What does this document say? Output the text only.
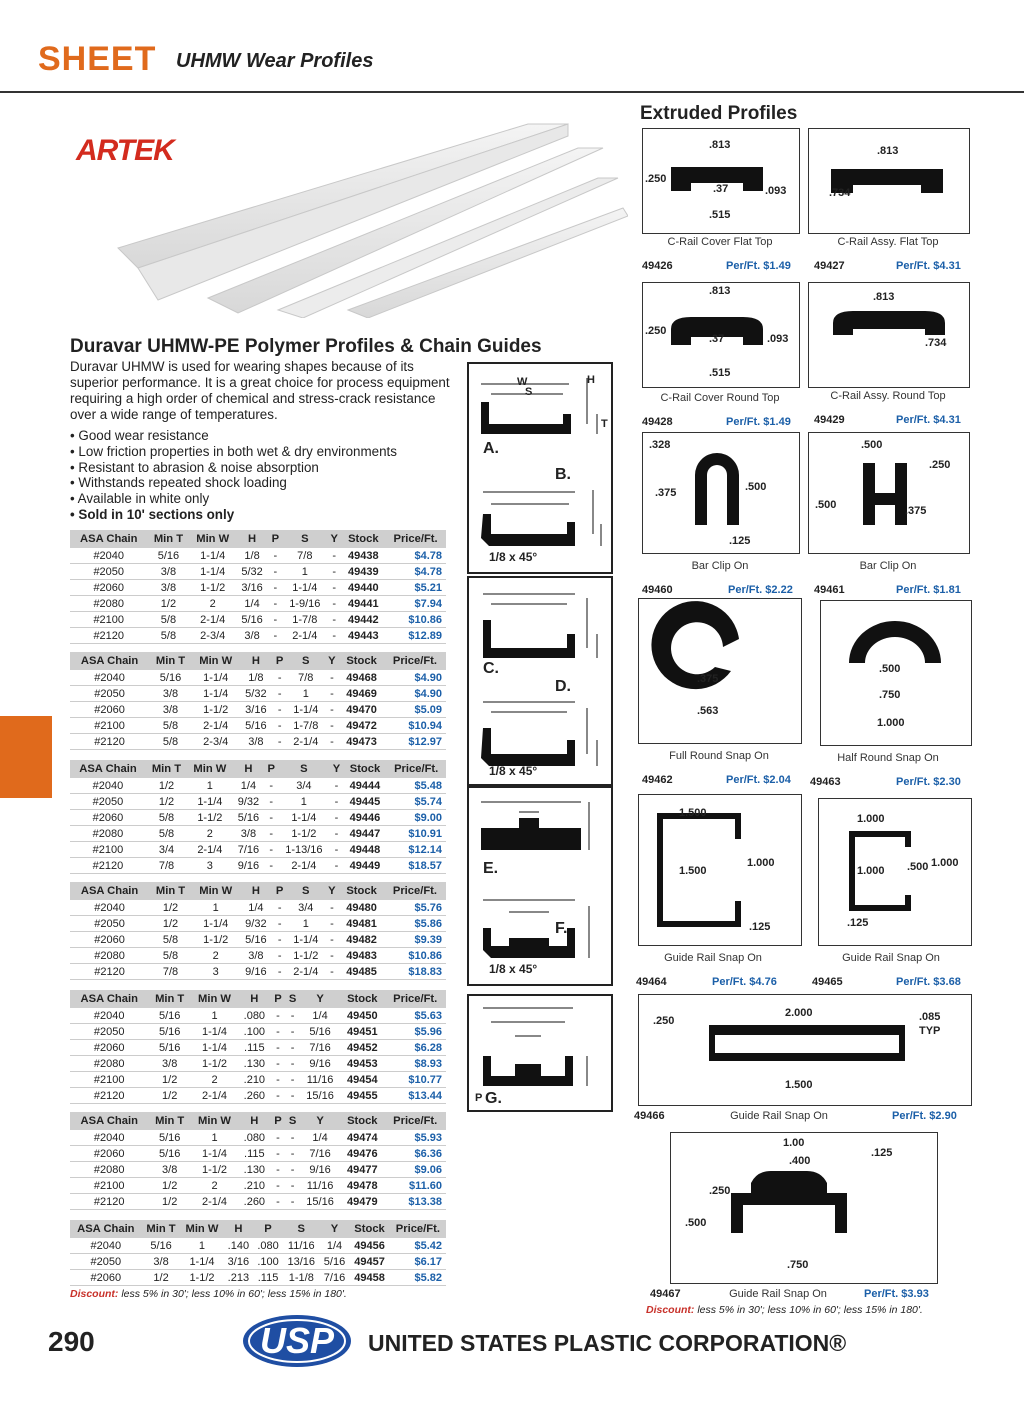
SHEET UHMW Wear Profiles
ARTEK
Duravar UHMW-PE Polymer Profiles & Chain Guides
Duravar UHMW is used for wearing shapes because of its superior performance. It is a great choice for process equipment requiring a high order of chemical and stress-crack resistance over a wide range of temperatures.
• Good wear resistance
• Low friction properties in both wet & dry environments
• Resistant to abrasion & noise absorption
• Withstands repeated shock loading
• Available in white only
• Sold in 10' sections only
ASA Chain	Min T	Min W	H	P	S	Y	Stock	Price/Ft.
#2040	5/16	1-1/4	1/8	-	7/8	-	49438	$4.78
#2050	3/8	1-1/4	5/32	-	1	-	49439	$4.78
#2060	3/8	1-1/2	3/16	-	1-1/4	-	49440	$5.21
#2080	1/2	2	1/4	-	1-9/16	-	49441	$7.94
#2100	5/8	2-1/4	5/16	-	1-7/8	-	49442	$10.86
#2120	5/8	2-3/4	3/8	-	2-1/4	-	49443	$12.89
ASA Chain	Min T	Min W	H	P	S	Y	Stock	Price/Ft.
#2040	5/16	1-1/4	1/8	-	7/8	-	49468	$4.90
#2050	3/8	1-1/4	5/32	-	1	-	49469	$4.90
#2060	3/8	1-1/2	3/16	-	1-1/4	-	49470	$5.09
#2100	5/8	2-1/4	5/16	-	1-7/8	-	49472	$10.94
#2120	5/8	2-3/4	3/8	-	2-1/4	-	49473	$12.97
ASA Chain	Min T	Min W	H	P	S	Y	Stock	Price/Ft.
#2040	1/2	1	1/4	-	3/4	-	49444	$5.48
#2050	1/2	1-1/4	9/32	-	1	-	49445	$5.74
#2060	5/8	1-1/2	5/16	-	1-1/4	-	49446	$9.00
#2080	5/8	2	3/8	-	1-1/2	-	49447	$10.91
#2100	3/4	2-1/4	7/16	-	1-13/16	-	49448	$12.14
#2120	7/8	3	9/16	-	2-1/4	-	49449	$18.57
ASA Chain	Min T	Min W	H	P	S	Y	Stock	Price/Ft.
#2040	1/2	1	1/4	-	3/4	-	49480	$5.76
#2050	1/2	1-1/4	9/32	-	1	-	49481	$5.86
#2060	5/8	1-1/2	5/16	-	1-1/4	-	49482	$9.39
#2080	5/8	2	3/8	-	1-1/2	-	49483	$10.86
#2120	7/8	3	9/16	-	2-1/4	-	49485	$18.83
ASA Chain	Min T	Min W	H	P	S	Y	Stock	Price/Ft.
#2040	5/16	1	.080	-	-	1/4	49450	$5.63
#2050	5/16	1-1/4	.100	-	-	5/16	49451	$5.96
#2060	5/16	1-1/4	.115	-	-	7/16	49452	$6.28
#2080	3/8	1-1/2	.130	-	-	9/16	49453	$8.93
#2100	1/2	2	.210	-	-	11/16	49454	$10.77
#2120	1/2	2-1/4	.260	-	-	15/16	49455	$13.44
ASA Chain	Min T	Min W	H	P	S	Y	Stock	Price/Ft.
#2040	5/16	1	.080	-	-	1/4	49474	$5.93
#2060	5/16	1-1/4	.115	-	-	7/16	49476	$6.36
#2080	3/8	1-1/2	.130	-	-	9/16	49477	$9.06
#2100	1/2	2	.210	-	-	11/16	49478	$11.60
#2120	1/2	2-1/4	.260	-	-	15/16	49479	$13.38
ASA Chain	Min T	Min W	H	P	S	Y	Stock	Price/Ft.
#2040	5/16	1	.140	.080	11/16	1/4	49456	$5.42
#2050	3/8	1-1/4	3/16	.100	13/16	5/16	49457	$6.17
#2060	1/2	1-1/2	.213	.115	1-1/8	7/16	49458	$5.82
Discount: less 5% in 30'; less 10% in 60'; less 15% in 180'.
A.
B.
W
S
H
T
1/8 x 45°
C.
D.
1/8 x 45°
E.
F.
1/8 x 45°
G.
P
Extruded Profiles
.813
.250
.37	.093
.515
C-Rail Cover Flat Top
49426	Per/Ft. $1.49
.813
.734
C-Rail Assy. Flat Top
49427	Per/Ft. $4.31
.813
.250
.37	.093
.515
C-Rail Cover Round Top
49428	Per/Ft. $1.49
.813
.734
C-Rail Assy. Round Top
49429	Per/Ft. $4.31
.328
.375	.500
.125
Bar Clip On
49460	Per/Ft. $2.22
.500
.250
.500	.375
Bar Clip On
49461	Per/Ft. $1.81
.375
.563
Full Round Snap On
49462	Per/Ft. $2.04
.500
.750
1.000
Half Round Snap On
49463	Per/Ft. $2.30
1.500
1.500
1.000
.125
Guide Rail Snap On
49464	Per/Ft. $4.76
1.000
1.000 .500 1.000
.125
Guide Rail Snap On
49465	Per/Ft. $3.68
.250
2.000	.085
TYP
1.500
49466	Guide Rail Snap On	Per/Ft. $2.90
1.00
.125
.400
.250
.500
.750
49467	Guide Rail Snap On	Per/Ft. $3.93
Discount: less 5% in 30'; less 10% in 60'; less 15% in 180'.
290	USP UNITED STATES PLASTIC CORPORATION®
